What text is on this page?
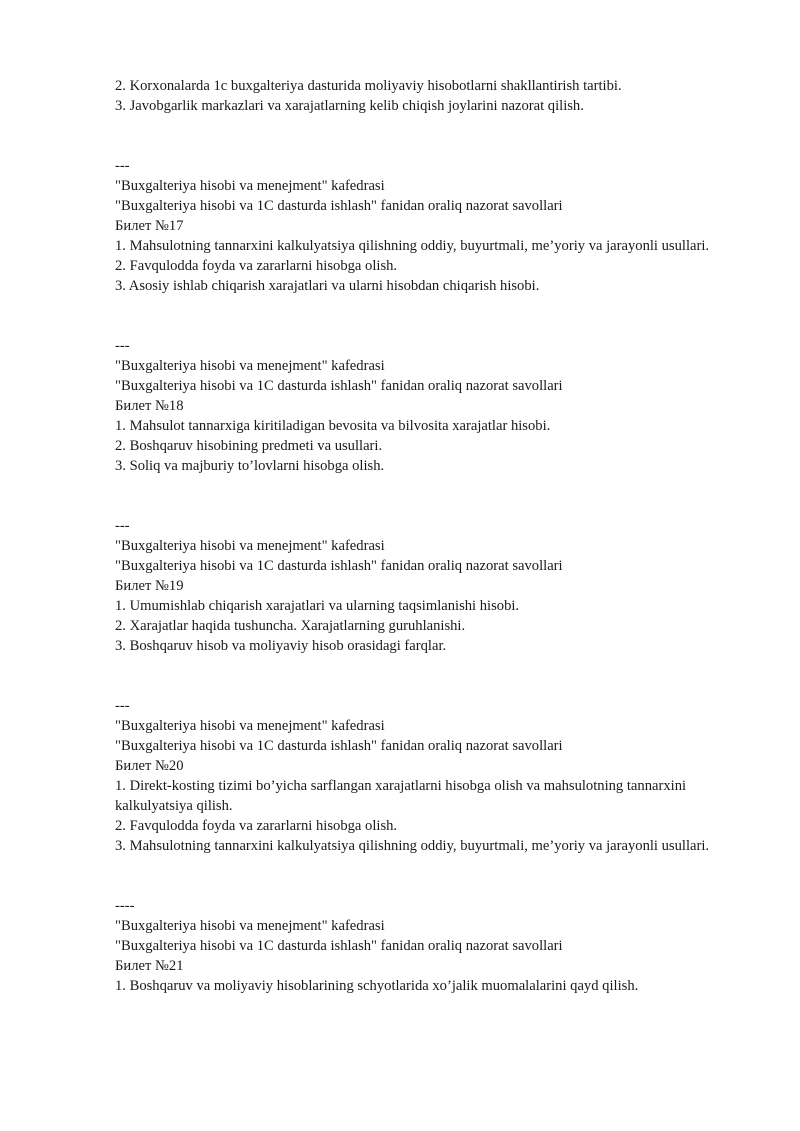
2. Korxonalarda 1c buxgalteriya dasturida moliyaviy hisobotlarni shakllantirish tartibi.
3. Javobgarlik markazlari va xarajatlarning kelib chiqish joylarini nazorat qilish.
---
"Buxgalteriya hisobi va menejment" kafedrasi
"Buxgalteriya hisobi va 1C dasturda ishlash" fanidan oraliq nazorat savollari
Билет №17
1. Mahsulotning tannarxini kalkulyatsiya qilishning oddiy, buyurtmali, me’yoriy va jarayonli usullari.
2. Favqulodda foyda va zararlarni hisobga olish.
3. Asosiy ishlab chiqarish xarajatlari va ularni hisobdan chiqarish hisobi.
---
"Buxgalteriya hisobi va menejment" kafedrasi
"Buxgalteriya hisobi va 1C dasturda ishlash" fanidan oraliq nazorat savollari
Билет №18
1. Mahsulot tannarxiga kiritiladigan bevosita va bilvosita xarajatlar hisobi.
2. Boshqaruv hisobining predmeti va usullari.
3. Soliq va majburiy to’lovlarni hisobga olish.
---
"Buxgalteriya hisobi va menejment" kafedrasi
"Buxgalteriya hisobi va 1C dasturda ishlash" fanidan oraliq nazorat savollari
Билет №19
1. Umumishlab chiqarish xarajatlari va ularning taqsimlanishi hisobi.
2. Xarajatlar haqida tushuncha. Xarajatlarning guruhlanishi.
3. Boshqaruv hisob va moliyaviy hisob orasidagi farqlar.
---
"Buxgalteriya hisobi va menejment" kafedrasi
"Buxgalteriya hisobi va 1C dasturda ishlash" fanidan oraliq nazorat savollari
Билет №20
1. Direkt-kosting tizimi bo’yicha sarflangan xarajatlarni hisobga olish va mahsulotning tannarxini kalkulyatsiya qilish.
2. Favqulodda foyda va zararlarni hisobga olish.
3. Mahsulotning tannarxini kalkulyatsiya qilishning oddiy, buyurtmali, me’yoriy va jarayonli usullari.
----
"Buxgalteriya hisobi va menejment" kafedrasi
"Buxgalteriya hisobi va 1C dasturda ishlash" fanidan oraliq nazorat savollari
Билет №21
1. Boshqaruv va moliyaviy hisoblarining schyotlarida xo’jalik muomalalarini qayd qilish.
